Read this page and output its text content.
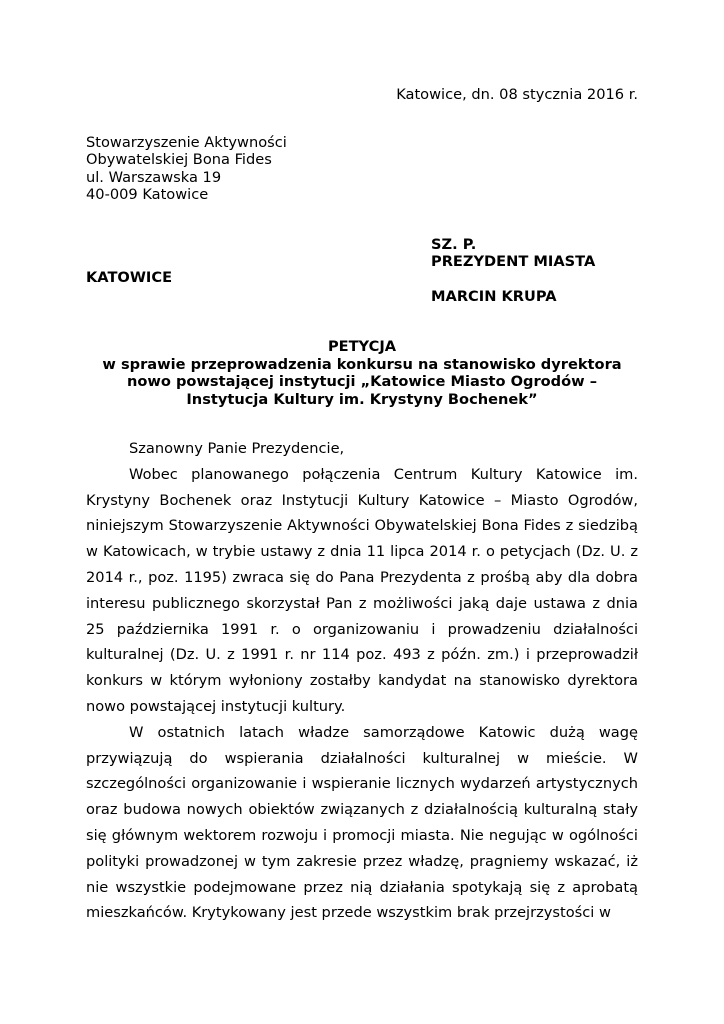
Katowice, dn. 08 stycznia 2016 r.
Stowarzyszenie Aktywności
Obywatelskiej Bona Fides
ul. Warszawska 19
40-009 Katowice
SZ. P.
PREZYDENT MIASTA
MARCIN KRUPA
KATOWICE
PETYCJA
w sprawie przeprowadzenia konkursu na stanowisko dyrektora
nowo powstającej instytucji „Katowice Miasto Ogrodów –
Instytucja Kultury im. Krystyny Bochenek”

Szanowny Panie Prezydencie,

Wobec planowanego połączenia Centrum Kultury Katowice im. Krystyny Bochenek oraz Instytucji Kultury Katowice – Miasto Ogrodów, niniejszym Stowarzyszenie Aktywności Obywatelskiej Bona Fides z siedzibą w Katowicach, w trybie ustawy z dnia 11 lipca 2014 r. o petycjach (Dz. U. z 2014 r., poz. 1195) zwraca się do Pana Prezydenta z prośbą aby dla dobra interesu publicznego skorzystał Pan z możliwości jaką daje ustawa z dnia 25 października 1991 r. o organizowaniu i prowadzeniu działalności kulturalnej (Dz. U. z 1991 r. nr 114 poz. 493 z późn. zm.) i przeprowadził konkurs w którym wyłoniony zostałby kandydat na stanowisko dyrektora nowo powstającej instytucji kultury.

W ostatnich latach władze samorządowe Katowic dużą wagę przywiązują do wspierania działalności kulturalnej w mieście. W szczególności organizowanie i wspieranie licznych wydarzeń artystycznych oraz budowa nowych obiektów związanych z działalnością kulturalną stały się głównym wektorem rozwoju i promocji miasta. Nie negując w ogólności polityki prowadzonej w tym zakresie przez władzę, pragniemy wskazać, iż nie wszystkie podejmowane przez nią działania spotykają się z aprobatą mieszkańców. Krytykowany jest przede wszystkim brak przejrzystości w
